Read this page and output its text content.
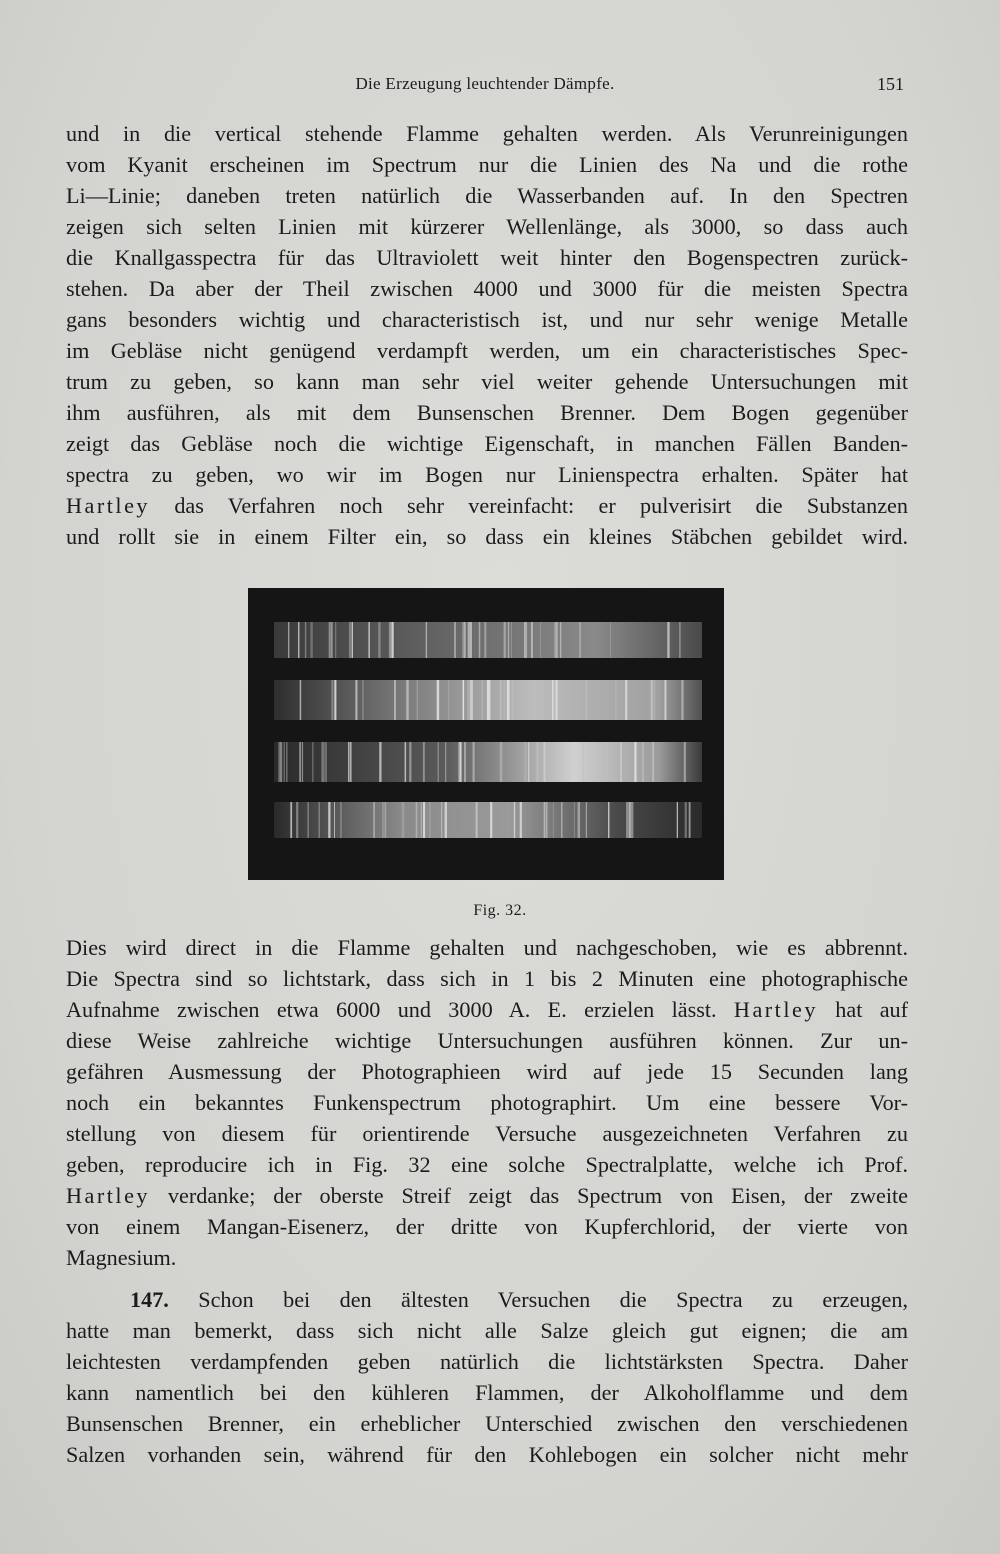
Die Erzeugung leuchtender Dämpfe.	151
und in die vertical stehende Flamme gehalten werden. Als Verunreinigungen
vom Kyanit erscheinen im Spectrum nur die Linien des Na und die rothe
Li—Linie; daneben treten natürlich die Wasserbanden auf. In den Spectren
zeigen sich selten Linien mit kürzerer Wellenlänge, als 3000, so dass auch
die Knallgasspectra für das Ultraviolett weit hinter den Bogenspectren zurück-
stehen. Da aber der Theil zwischen 4000 und 3000 für die meisten Spectra
gans besonders wichtig und characteristisch ist, und nur sehr wenige Metalle
im Gebläse nicht genügend verdampft werden, um ein characteristisches Spec-
trum zu geben, so kann man sehr viel weiter gehende Untersuchungen mit
ihm ausführen, als mit dem Bunsenschen Brenner. Dem Bogen gegenüber
zeigt das Gebläse noch die wichtige Eigenschaft, in manchen Fällen Banden-
spectra zu geben, wo wir im Bogen nur Linienspectra erhalten. Später hat
Hartley das Verfahren noch sehr vereinfacht: er pulverisirt die Substanzen
und rollt sie in einem Filter ein, so dass ein kleines Stäbchen gebildet wird.
Fig. 32.
Dies wird direct in die Flamme gehalten und nachgeschoben, wie es abbrennt.
Die Spectra sind so lichtstark, dass sich in 1 bis 2 Minuten eine photographische
Aufnahme zwischen etwa 6000 und 3000 A. E. erzielen lässt. Hartley hat auf
diese Weise zahlreiche wichtige Untersuchungen ausführen können. Zur un-
gefähren Ausmessung der Photographieen wird auf jede 15 Secunden lang
noch ein bekanntes Funkenspectrum photographirt. Um eine bessere Vor-
stellung von diesem für orientirende Versuche ausgezeichneten Verfahren zu
geben, reproducire ich in Fig. 32 eine solche Spectralplatte, welche ich Prof.
Hartley verdanke; der oberste Streif zeigt das Spectrum von Eisen, der zweite
von einem Mangan-Eisenerz, der dritte von Kupferchlorid, der vierte von
Magnesium.
147. Schon bei den ältesten Versuchen die Spectra zu erzeugen,
hatte man bemerkt, dass sich nicht alle Salze gleich gut eignen; die am
leichtesten verdampfenden geben natürlich die lichtstärksten Spectra. Daher
kann namentlich bei den kühleren Flammen, der Alkoholflamme und dem
Bunsenschen Brenner, ein erheblicher Unterschied zwischen den verschiedenen
Salzen vorhanden sein, während für den Kohlebogen ein solcher nicht mehr
